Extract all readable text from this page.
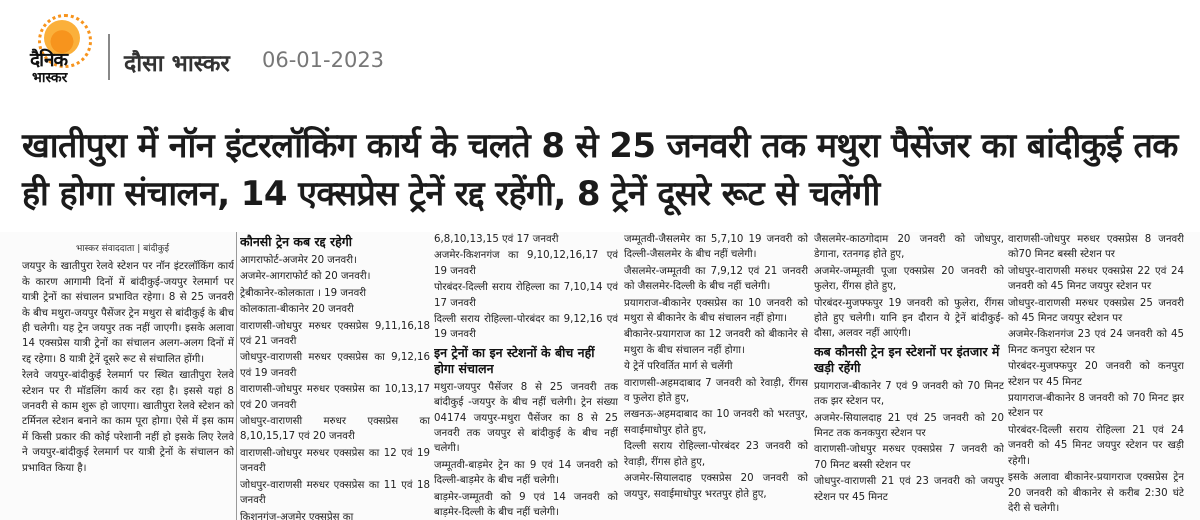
दैनिक
भास्कर
दौसा भास्कर 06-01-2023
खातीपुरा में नॉन इंटरलॉकिंग कार्य के चलते 8 से 25 जनवरी तक मथुरा पैसेंजर का बांदीकुई तक ही होगा संचालन, 14 एक्सप्रेस ट्रेनें रद्द रहेंगी, 8 ट्रेनें दूसरे रूट से चलेंगी
भास्कर संवाददाता | बांदीकुई

जयपुर के खातीपुरा रेलवे स्टेशन पर नॉन इंटरलॉकिंग कार्य के कारण आगामी दिनों में बांदीकुई-जयपुर रेलमार्ग पर यात्री ट्रेनों का संचालन प्रभावित रहेगा। 8 से 25 जनवरी के बीच मथुरा-जयपुर पैसेंजर ट्रेन मथुरा से बांदीकुई के बीच ही चलेगी। यह ट्रेन जयपुर तक नहीं जाएगी। इसके अलावा 14 एक्सप्रेस यात्री ट्रेनों का संचालन अलग-अलग दिनों में रद्द रहेगा। 8 यात्री ट्रेनें दूसरे रूट से संचालित होंगी।

रेलवे जयपुर-बांदीकुई रेलमार्ग पर स्थित खातीपुरा रेलवे स्टेशन पर री मॉडलिंग कार्य कर रहा है। इससे यहां 8 जनवरी से काम शुरू हो जाएगा। खातीपुरा रेलवे स्टेशन को टर्मिनल स्टेशन बनाने का काम पूरा होगा। ऐसे में इस काम में किसी प्रकार की कोई परेशानी नहीं हो इसके लिए रेलवे ने जयपुर-बांदीकुई रेलमार्ग पर यात्री ट्रेनों के संचालन को प्रभावित किया है।

कौनसी ट्रेन कब रद्द रहेगी

आगराफोर्ट-अजमेर 20 जनवरी।

अजमेर-आगराफोर्ट को 20 जनवरी।

ट्रेबीकानेर-कोलकाता । 19 जनवरी

कोलकाता-बीकानेर 20 जनवरी

वाराणसी-जोधपुर मरुधर एक्सप्रेस 9,11,16,18 एवं 21 जनवरी

जोधपुर-वाराणसी मरुधर एक्सप्रेस का 9,12,16 एवं 19 जनवरी

वाराणसी-जोधपुर मरुधर एक्सप्रेस का 10,13,17 एवं 20 जनवरी

जोधपुर-वाराणसी मरुधर एक्सप्रेस का 8,10,15,17 एवं 20 जनवरी

वाराणसी-जोधपुर मरुधर एक्सप्रेस का 12 एवं 19 जनवरी

जोधपुर-वाराणसी मरुधर एक्सप्रेस का 11 एवं 18 जनवरी

किशनगंज-अजमेर एक्सप्रेस का

6,8,10,13,15 एवं 17 जनवरी

अजमेर-किशनगंज का 9,10,12,16,17 एवं 19 जनवरी

पोरबंदर-दिल्ली सराय रोहिल्ला का 7,10,14 एवं 17 जनवरी

दिल्ली सराय रोहिल्ला-पोरबंदर का 9,12,16 एवं 19 जनवरी

इन ट्रेनों का इन स्टेशनों के बीच नहीं होगा संचालन

मथुरा-जयपुर पैसेंजर 8 से 25 जनवरी तक बांदीकुई -जयपुर के बीच नहीं चलेगी। ट्रेन संख्या 04174 जयपुर-मथुरा पैसेंजर का 8 से 25 जनवरी तक जयपुर से बांदीकुई के बीच नहीं चलेगी।

जम्मूतवी-बाड़मेर ट्रेन का 9 एवं 14 जनवरी को दिल्ली-बाड़मेर के बीच नहीं चलेगी।

बाड़मेर-जम्मूतवी को 9 एवं 14 जनवरी को बाड़मेर-दिल्ली के बीच नहीं चलेगी।

जम्मूतवी-जैसलमेर का 5,7,10 19 जनवरी को दिल्ली-जैसलमेर के बीच नहीं चलेगी।

जैसलमेर-जम्मूतवी का 7,9,12 एवं 21 जनवरी को जैसलमेर-दिल्ली के बीच नहीं चलेगी।

प्रयागराज-बीकानेर एक्सप्रेस का 10 जनवरी को मथुरा से बीकानेर के बीच संचालन नहीं होगा।

बीकानेर-प्रयागराज का 12 जनवरी को बीकानेर से मथुरा के बीच संचालन नहीं होगा।

ये ट्रेनें परिवर्तित मार्ग से चलेंगी

वाराणसी-अहमदाबाद 7 जनवरी को रेवाड़ी, रींगस व फुलेरा होते हुए,

लखनऊ-अहमदाबाद का 10 जनवरी को भरतपुर, सवाईमाधोपुर होते हुए,

दिल्ली सराय रोहिल्ला-पोरबंदर 23 जनवरी को रेवाड़ी, रींगस होते हुए,

अजमेर-सियालदाह एक्सप्रेस 20 जनवरी को जयपुर, सवाईमाधोपुर भरतपुर होते हुए,

जैसलमेर-काठगोदाम 20 जनवरी को जोधपुर, डेगाना, रतनगढ़ होते हुए,

अजमेर-जम्मूतवी पूजा एक्सप्रेस 20 जनवरी को फुलेरा, रींगस होते हुए,

पोरबंदर-मुजफ्फपुर 19 जनवरी को फुलेरा, रींगस होते हुए चलेगी। यानि इन दौरान ये ट्रेनें बांदीकुई-दौसा, अलवर नहीं आएंगी।

कब कौनसी ट्रेन इन स्टेशनों पर इंतजार में खड़ी रहेंगी

प्रयागराज-बीकानेर 7 एवं 9 जनवरी को 70 मिनट तक झर स्टेशन पर,

अजमेर-सियालदाह 21 एवं 25 जनवरी को 20 मिनट तक कनकपुरा स्टेशन पर

वाराणसी-जोधपुर मरुधर एक्सप्रेस 7 जनवरी को 70 मिनट बस्सी स्टेशन पर

जोधपुर-वाराणसी 21 एवं 23 जनवरी को जयपुर स्टेशन पर 45 मिनट

वाराणसी-जोधपुर मरुधर एक्सप्रेस 8 जनवरी को70 मिनट बस्सी स्टेशन पर

जोधपुर-वाराणसी मरुधर एक्सप्रेस 22 एवं 24 जनवरी को 45 मिनट जयपुर स्टेशन पर

जोधपुर-वाराणसी मरुधर एक्सप्रेस 25 जनवरी को 45 मिनट जयपुर स्टेशन पर

अजमेर-किशनगंज 23 एवं 24 जनवरी को 45 मिनट कनपुरा स्टेशन पर

पोरबंदर-मुजफ्फपुर 20 जनवरी को कनपुरा स्टेशन पर 45 मिनट

प्रयागराज-बीकानेर 8 जनवरी को 70 मिनट झर स्टेशन पर

पोरबंदर-दिल्ली सराय रोहिल्ला 21 एवं 24 जनवरी को 45 मिनट जयपुर स्टेशन पर खड़ी रहेगी।

इसके अलावा बीकानेर-प्रयागराज एक्सप्रेस ट्रेन 20 जनवरी को बीकानेर से करीब 2:30 घंटे देरी से चलेगी।
